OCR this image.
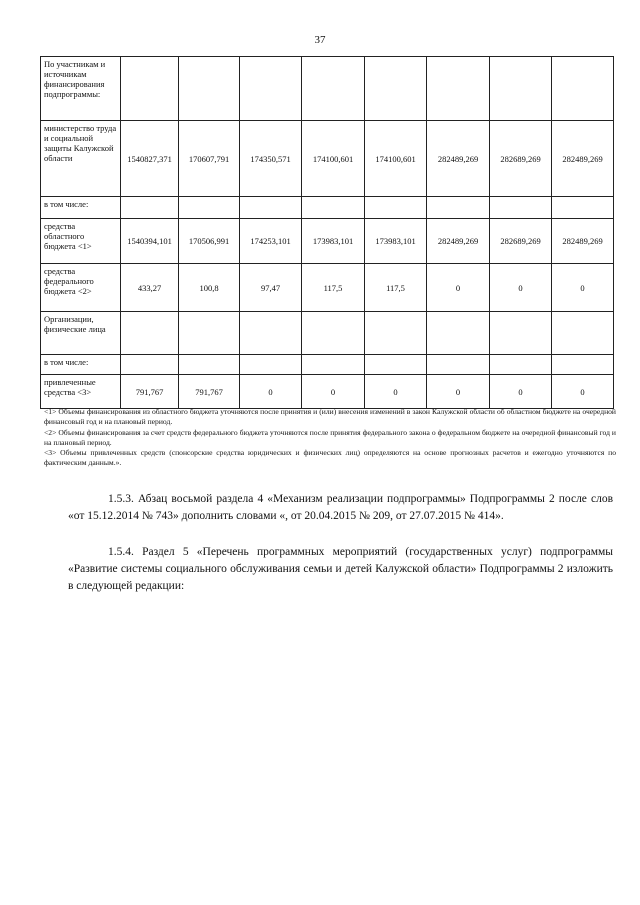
37
По участникам и источникам финансирования подпрограммы:								
министерство труда и социальной защиты Калужской области	1540827,371	170607,791	174350,571	174100,601	174100,601	282489,269	282689,269	282489,269
в том числе:								
средства областного бюджета <1>	1540394,101	170506,991	174253,101	173983,101	173983,101	282489,269	282689,269	282489,269
средства федерального бюджета <2>	433,27	100,8	97,47	117,5	117,5	0	0	0
Организации, физические лица								
в том числе:								
привлеченные средства <3>	791,767	791,767	0	0	0	0	0	0

<1> Объемы финансирования из областного бюджета уточняются после принятия и (или) внесения изменений в закон Калужской области об областном бюджете на очередной финансовый год и на плановый период.

<2> Объемы финансирования за счет средств федерального бюджета уточняются после принятия федерального закона о федеральном бюджете на очередной финансовый год и на плановый период.

<3> Объемы привлеченных средств (спонсорские средства юридических и физических лиц) определяются на основе прогнозных расчетов и ежегодно уточняются по фактическим данным.».

1.5.3. Абзац восьмой раздела 4 «Механизм реализации подпрограммы» Подпрограммы 2 после слов «от 15.12.2014 № 743» дополнить словами «, от 20.04.2015 № 209, от 27.07.2015 № 414».

1.5.4. Раздел 5 «Перечень программных мероприятий (государственных услуг) подпрограммы «Развитие системы социального обслуживания семьи и детей Калужской области» Подпрограммы 2 изложить в следующей редакции:
